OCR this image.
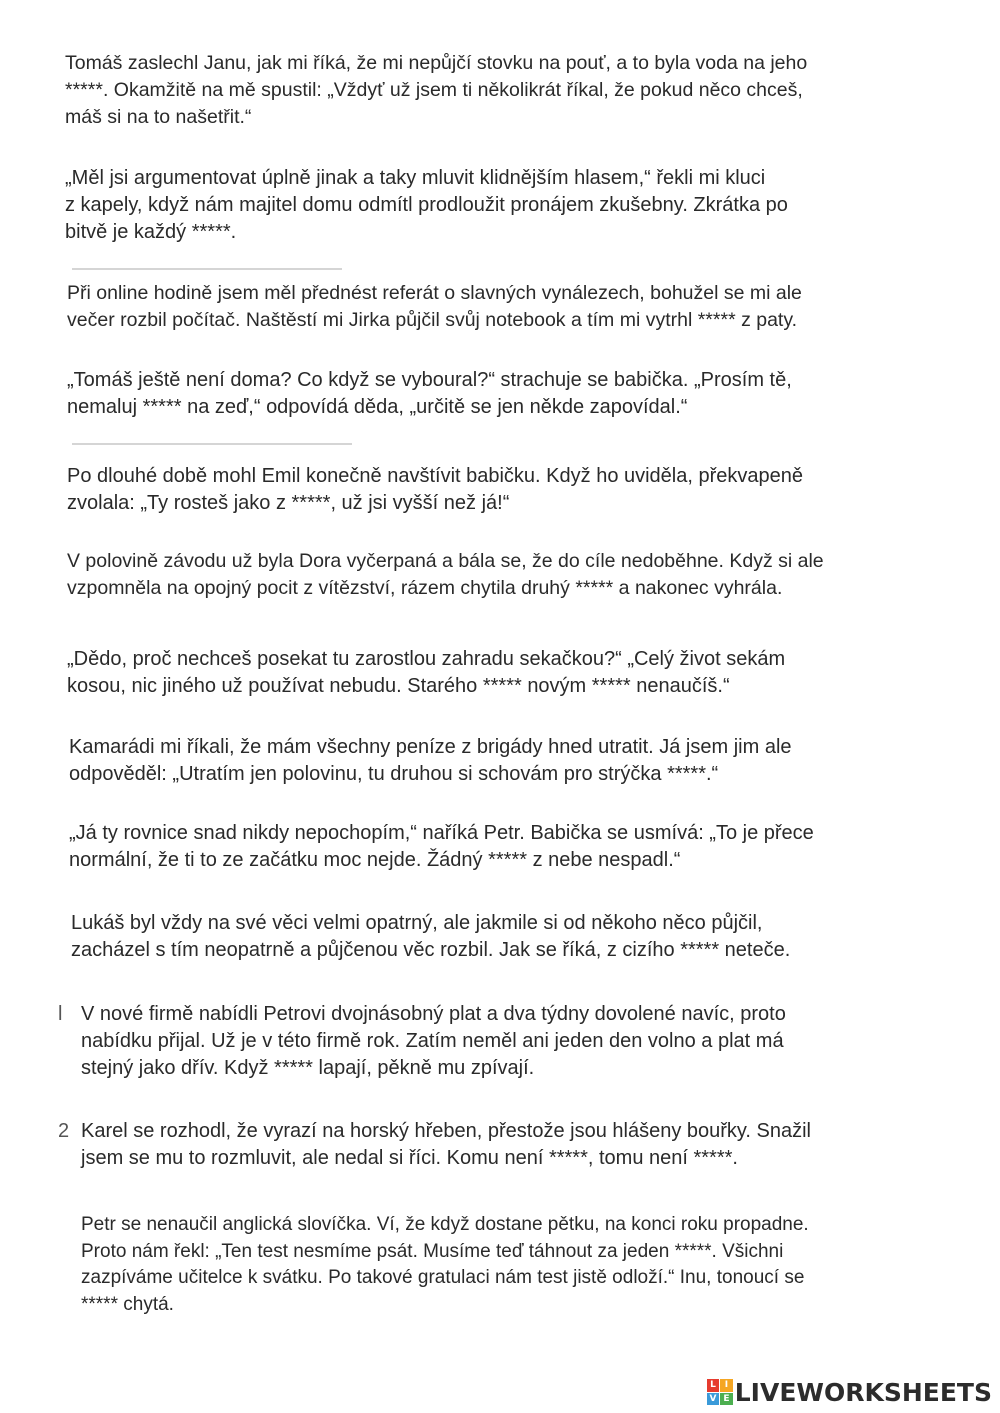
Tomáš zaslechl Janu, jak mi říká, že mi nepůjčí stovku na pouť, a to byla voda na jeho
*****. Okamžitě na mě spustil: „Vždyť už jsem ti několikrát říkal, že pokud něco chceš,
máš si na to našetřit.“

„Měl jsi argumentovat úplně jinak a taky mluvit klidnějším hlasem,“ řekli mi kluci
z kapely, když nám majitel domu odmítl prodloužit pronájem zkušebny. Zkrátka po
bitvě je každý *****.

Při online hodině jsem měl přednést referát o slavných vynálezech, bohužel se mi ale
večer rozbil počítač. Naštěstí mi Jirka půjčil svůj notebook a tím mi vytrhl ***** z paty.

„Tomáš ještě není doma? Co když se vyboural?“ strachuje se babička. „Prosím tě,
nemaluj ***** na zeď,“ odpovídá děda, „určitě se jen někde zapovídal.“

Po dlouhé době mohl Emil konečně navštívit babičku. Když ho uviděla, překvapeně
zvolala: „Ty rosteš jako z *****, už jsi vyšší než já!“

V polovině závodu už byla Dora vyčerpaná a bála se, že do cíle nedoběhne. Když si ale
vzpomněla na opojný pocit z vítězství, rázem chytila druhý ***** a nakonec vyhrála.

„Dědo, proč nechceš posekat tu zarostlou zahradu sekačkou?“ „Celý život sekám
kosou, nic jiného už používat nebudu. Starého ***** novým ***** nenaučíš.“

Kamarádi mi říkali, že mám všechny peníze z brigády hned utratit. Já jsem jim ale
odpověděl: „Utratím jen polovinu, tu druhou si schovám pro strýčka *****.“

„Já ty rovnice snad nikdy nepochopím,“ naříká Petr. Babička se usmívá: „To je přece
normální, že ti to ze začátku moc nejde. Žádný ***** z nebe nespadl.“

Lukáš byl vždy na své věci velmi opatrný, ale jakmile si od někoho něco půjčil,
zacházel s tím neopatrně a půjčenou věc rozbil. Jak se říká, z cizího ***** neteče.

l V nové firmě nabídli Petrovi dvojnásobný plat a dva týdny dovolené navíc, proto
nabídku přijal. Už je v této firmě rok. Zatím neměl ani jeden den volno a plat má
stejný jako dřív. Když ***** lapají, pěkně mu zpívají.

2 Karel se rozhodl, že vyrazí na horský hřeben, přestože jsou hlášeny bouřky. Snažil
jsem se mu to rozmluvit, ale nedal si říci. Komu není *****, tomu není *****.

Petr se nenaučil anglická slovíčka. Ví, že když dostane pětku, na konci roku propadne.
Proto nám řekl: „Ten test nesmíme psát. Musíme teď táhnout za jeden *****. Všichni
zazpíváme učitelce k svátku. Po takové gratulaci nám test jistě odloží.“ Inu, tonoucí se
***** chytá.

L I
V E LIVEWORKSHEETS
